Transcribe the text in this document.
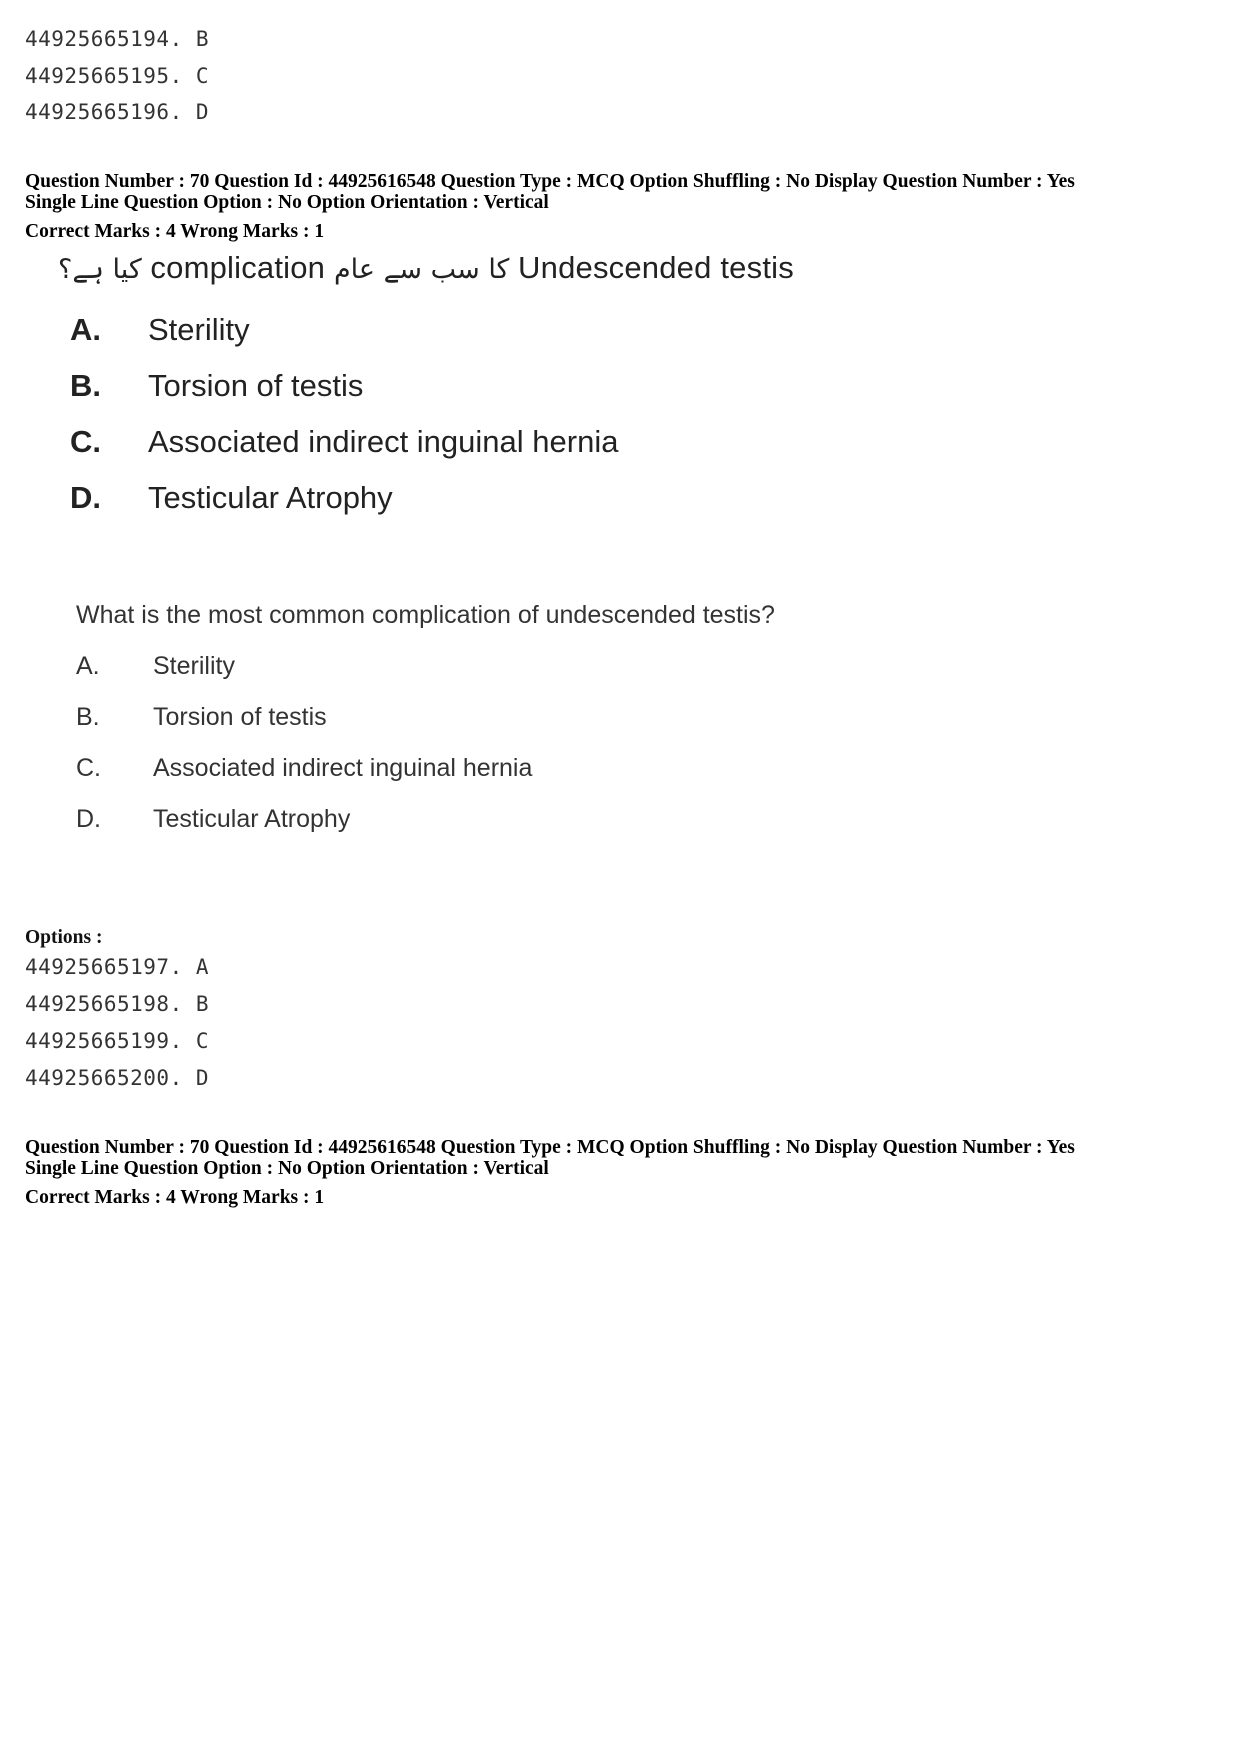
44925665194. B
44925665195. C
44925665196. D
Question Number : 70 Question Id : 44925616548 Question Type : MCQ Option Shuffling : No Display Question Number : Yes
Single Line Question Option : No Option Orientation : Vertical
Correct Marks : 4 Wrong Marks : 1
کیا ہے؟ complication کا سب سے عام Undescended testis
A. Sterility
B. Torsion of testis
C. Associated indirect inguinal hernia
D. Testicular Atrophy
What is the most common complication of undescended testis?
A. Sterility
B. Torsion of testis
C. Associated indirect inguinal hernia
D. Testicular Atrophy
Options :
44925665197. A
44925665198. B
44925665199. C
44925665200. D
Question Number : 70 Question Id : 44925616548 Question Type : MCQ Option Shuffling : No Display Question Number : Yes
Single Line Question Option : No Option Orientation : Vertical
Correct Marks : 4 Wrong Marks : 1
